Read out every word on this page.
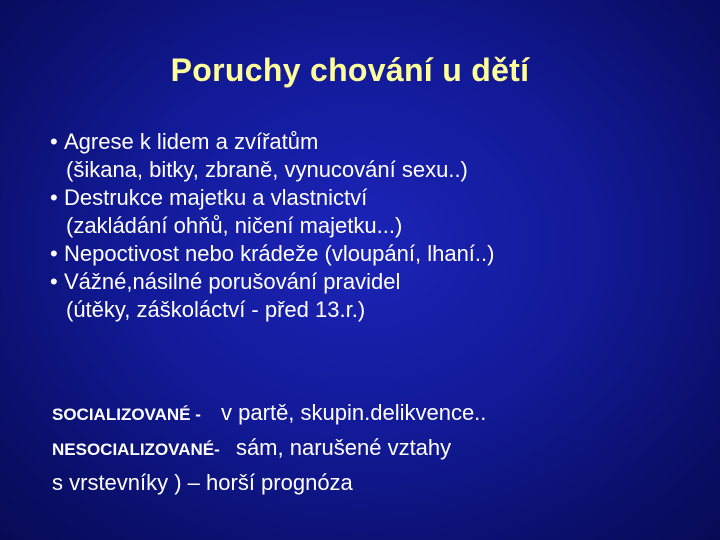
Poruchy chování u dětí
• Agrese k lidem a zvířatům
(šikana, bitky, zbraně, vynucování sexu..)
• Destrukce majetku a vlastnictví
(zakládání ohňů, ničení majetku...)
• Nepoctivost nebo krádeže (vloupání, lhaní..)
• Vážné,násilné porušování pravidel
(útěky, záškoláctví - před 13.r.)
SOCIALIZOVANÉ - v partě, skupin.delikvence..
NESOCIALIZOVANÉ- sám, narušené vztahy
s vrstevníky ) – horší prognóza
